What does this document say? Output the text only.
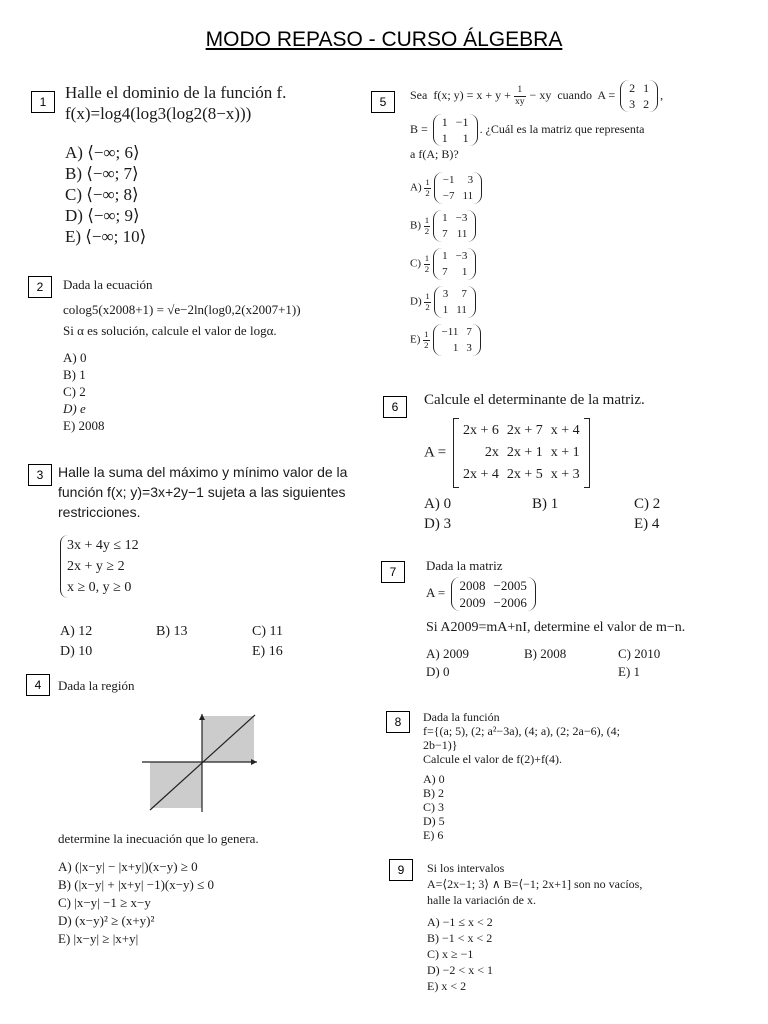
MODO REPASO - CURSO ÁLGEBRA
1	Halle el dominio de la función f.
f(x)=log4(log3(log2(8−x)))
A) ⟨−∞; 6⟩
B) ⟨−∞; 7⟩
C) ⟨−∞; 8⟩
D) ⟨−∞; 9⟩
E) ⟨−∞; 10⟩
2	Dada la ecuación
colog5(x2008+1) = √e−2ln(log0,2(x2007+1))
Si α es solución, calcule el valor de logα.
A) 0
B) 1
C) 2
D) e
E) 2008
3	Halle la suma del máximo y mínimo valor de la
función f(x; y)=3x+2y−1 sujeta a las siguientes
restricciones.
3x + 4y ≤ 12
2x + y ≥ 2
x ≥ 0, y ≥ 0
A) 12	B) 13	C) 11
D) 10	E) 16
4	Dada la región
determine la inecuación que lo genera.
A) (|x−y| − |x+y|)(x−y) ≥ 0
B) (|x−y| + |x+y| −1)(x−y) ≤ 0
C) |x−y| −1 ≥ x−y
D) (x−y)² ≥ (x+y)²
E) |x−y| ≥ |x+y|
5
Sea f(x; $y) = x + y + \frac{1}{xy}$ − xy cuando A = 2	1
3	2
,
B = 1	−1
1	1
. ¿Cuál es la matriz que representa
a f(A; B)?
$A) \frac{1}{2} -1$	3
−7	11
$B) \frac{1}{2} 1$	−3
7	11
$C) \frac{1}{2} 1$	−3
7	1
$D) \frac{1}{2} 3$	7
1	11
$E) \frac{1}{2} -11$	7
1	3
6	Calcule el determinante de la matriz.
A =
2x + 6	2x + 7	x + 4
2x	2x + 1	x + 1
2x + 4	2x + 5	x + 3
A) 0	B) 1	C) 2
D) 3	E) 4
7	Dada la matriz
A = 2008	−2005
2009	−2006
Si A2009=mA+nI, determine el valor de m−n.
A) 2009	B) 2008	C) 2010
D) 0	E) 1
8	Dada la función
f={(a; 5), (2; a²−3a), (4; a), (2; 2a−6), (4;
2b−1)}
Calcule el valor de f(2)+f(4).
A) 0
B) 2
C) 3
D) 5
E) 6
9	Si los intervalos
A=⟨2x−1; 3⟩ ∧ B=⟨−1; 2x+1] son no vacíos,
halle la variación de x.
A) −1 ≤ x < 2
B) −1 < x < 2
C) x ≥ −1
D) −2 < x < 1
E) x < 2
